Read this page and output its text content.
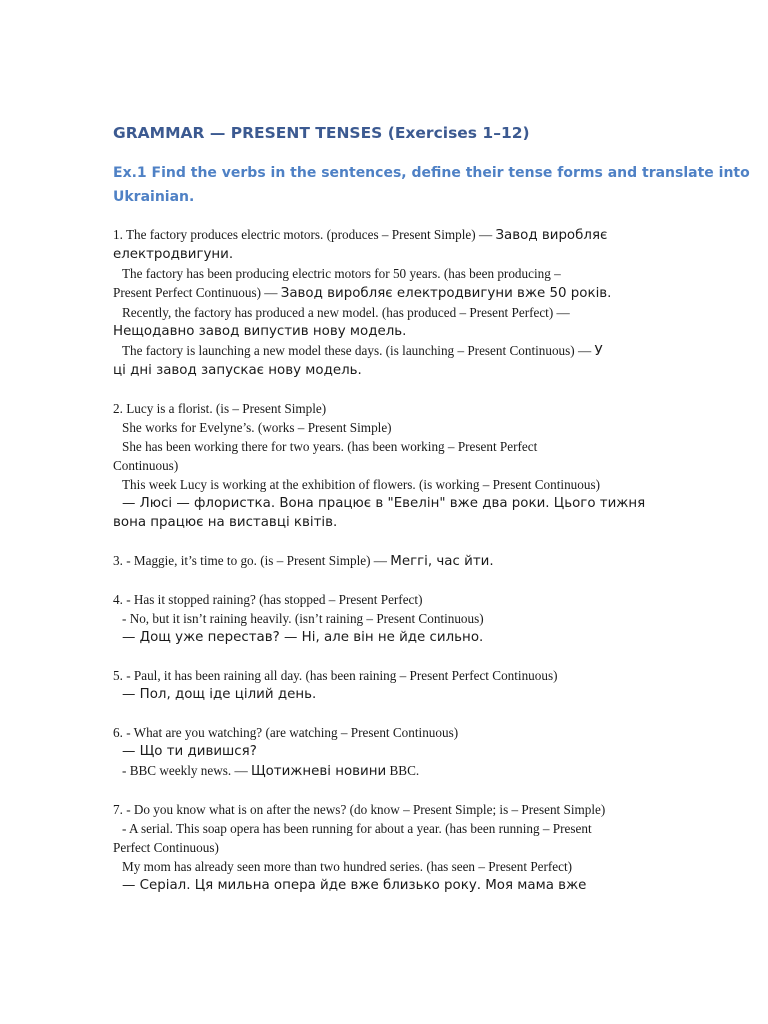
GRAMMAR — PRESENT TENSES (Exercises 1–12)
Ex.1 Find the verbs in the sentences, define their tense forms and translate into
Ukrainian.
1. The factory produces electric motors. (produces – Present Simple) — Завод виробляє
електродвигуни.
The factory has been producing electric motors for 50 years. (has been producing –
Present Perfect Continuous) — Завод виробляє електродвигуни вже 50 років.
Recently, the factory has produced a new model. (has produced – Present Perfect) —
Нещодавно завод випустив нову модель.
The factory is launching a new model these days. (is launching – Present Continuous) — У
ці дні завод запускає нову модель.
2. Lucy is a florist. (is – Present Simple)
She works for Evelyne’s. (works – Present Simple)
She has been working there for two years. (has been working – Present Perfect
Continuous)
This week Lucy is working at the exhibition of flowers. (is working – Present Continuous)
— Люсі — флористка. Вона працює в "Евелін" вже два роки. Цього тижня
вона працює на виставці квітів.
3. - Maggie, it’s time to go. (is – Present Simple) — Меггі, час йти.
4. - Has it stopped raining? (has stopped – Present Perfect)
- No, but it isn’t raining heavily. (isn’t raining – Present Continuous)
— Дощ уже перестав? — Ні, але він не йде сильно.
5. - Paul, it has been raining all day. (has been raining – Present Perfect Continuous)
— Пол, дощ іде цілий день.
6. - What are you watching? (are watching – Present Continuous)
— Що ти дивишся?
- BBC weekly news. — Щотижневі новини BBC.
7. - Do you know what is on after the news? (do know – Present Simple; is – Present Simple)
- A serial. This soap opera has been running for about a year. (has been running – Present
Perfect Continuous)
My mom has already seen more than two hundred series. (has seen – Present Perfect)
— Серіал. Ця мильна опера йде вже близько року. Моя мама вже
